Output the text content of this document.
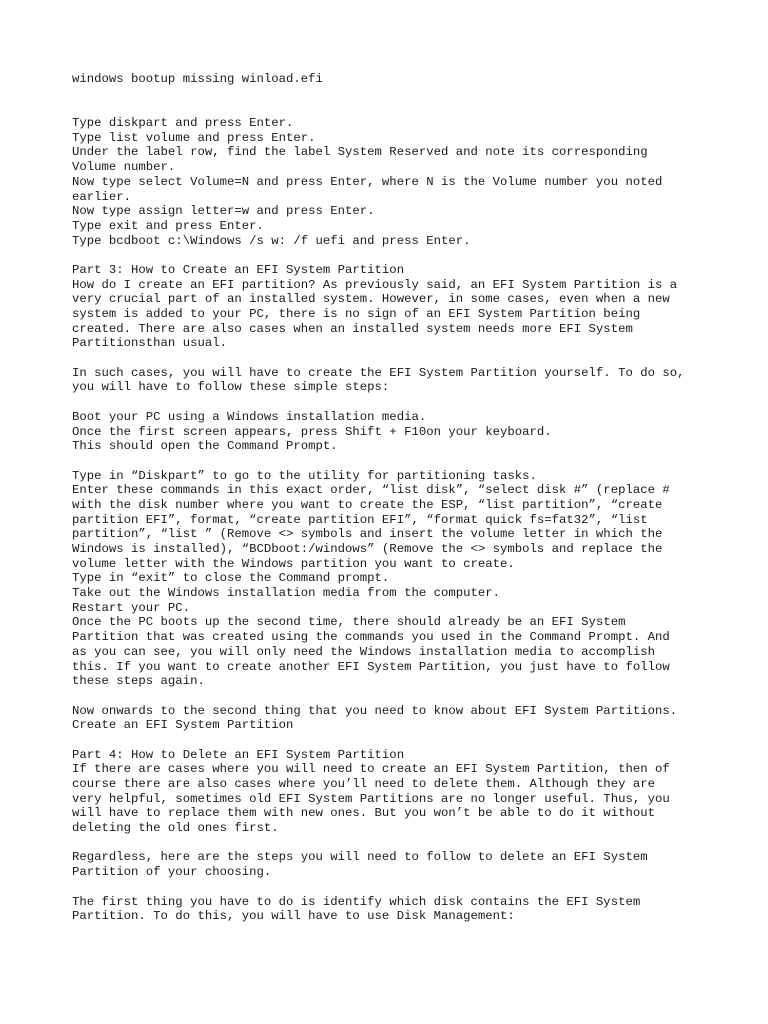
windows bootup missing winload.efi
Type diskpart and press Enter.
Type list volume and press Enter.
Under the label row, find the label System Reserved and note its corresponding
Volume number.
Now type select Volume=N and press Enter, where N is the Volume number you noted
earlier.
Now type assign letter=w and press Enter.
Type exit and press Enter.
Type bcdboot c:\Windows /s w: /f uefi and press Enter.
Part 3: How to Create an EFI System Partition
How do I create an EFI partition? As previously said, an EFI System Partition is a
very crucial part of an installed system. However, in some cases, even when a new
system is added to your PC, there is no sign of an EFI System Partition being
created. There are also cases when an installed system needs more EFI System
Partitionsthan usual.
In such cases, you will have to create the EFI System Partition yourself. To do so,
you will have to follow these simple steps:
Boot your PC using a Windows installation media.
Once the first screen appears, press Shift + F10on your keyboard.
This should open the Command Prompt.
Type in “Diskpart” to go to the utility for partitioning tasks.
Enter these commands in this exact order, “list disk”, “select disk #” (replace #
with the disk number where you want to create the ESP, “list partition”, “create
partition EFI”, format, “create partition EFI”, “format quick fs=fat32”, “list
partition”, “list ” (Remove <> symbols and insert the volume letter in which the
Windows is installed), “BCDboot:/windows” (Remove the <> symbols and replace the
volume letter with the Windows partition you want to create.
Type in “exit” to close the Command prompt.
Take out the Windows installation media from the computer.
Restart your PC.
Once the PC boots up the second time, there should already be an EFI System
Partition that was created using the commands you used in the Command Prompt. And
as you can see, you will only need the Windows installation media to accomplish
this. If you want to create another EFI System Partition, you just have to follow
these steps again.
Now onwards to the second thing that you need to know about EFI System Partitions.
Create an EFI System Partition
Part 4: How to Delete an EFI System Partition
If there are cases where you will need to create an EFI System Partition, then of
course there are also cases where you’ll need to delete them. Although they are
very helpful, sometimes old EFI System Partitions are no longer useful. Thus, you
will have to replace them with new ones. But you won’t be able to do it without
deleting the old ones first.
Regardless, here are the steps you will need to follow to delete an EFI System
Partition of your choosing.
The first thing you have to do is identify which disk contains the EFI System
Partition. To do this, you will have to use Disk Management:
